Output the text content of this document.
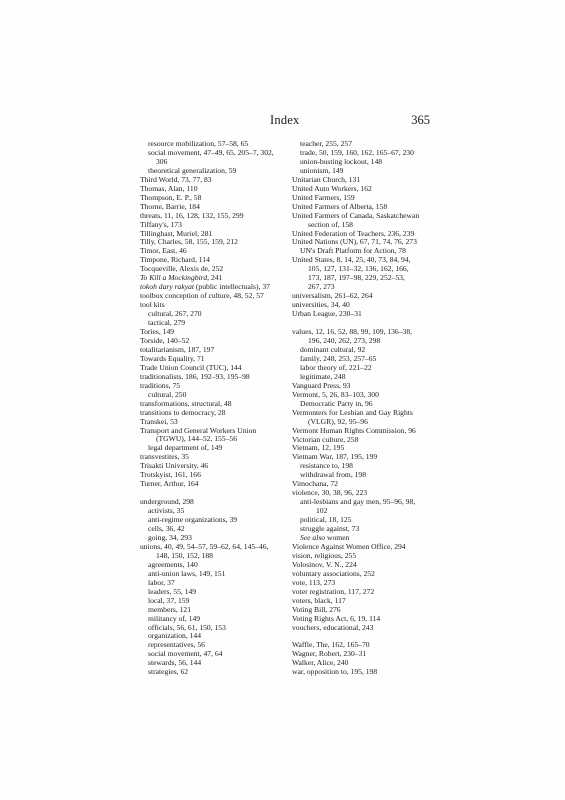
Index	365
resource mobilization, 57–58, 65
social movement, 47–49, 65, 205–7, 302,
306
theoretical generalization, 59
Third World, 73, 77, 83
Thomas, Alan, 110
Thompson, E. P., 58
Thorne, Barrie, 184
threats, 11, 16, 128, 132, 155, 299
Tiffany's, 173
Tillinghast, Muriel, 281
Tilly, Charles, 58, 155, 159, 212
Timor, East, 46
Timpone, Richard, 114
Tocqueville, Alexis de, 252
To Kill a Mockingbird, 241
tokoh dary rakyat (public intellectuals), 37
toolbox conception of culture, 48, 52, 57
tool kits
cultural, 267, 270
tactical, 279
Tories, 149
Torside, 140–52
totalitarianism, 187, 197
Towards Equality, 71
Trade Union Council (TUC), 144
traditionalists, 186, 192–93, 195–98
traditions, 75
cultural, 250
transformations, structural, 48
transitions to democracy, 28
Transkei, 53
Transport and General Workers Union
(TGWU), 144–52, 155–56
legal department of, 149
transvestites, 35
Trisakti University, 46
Trotskyist, 161, 166
Turner, Arthur, 164
underground, 298
activists, 35
anti-regime organizations, 39
cells, 36, 42
going, 34, 293
unions, 40, 49, 54–57, 59–62, 64, 145–46,
148, 150, 152, 188
agreements, 140
anti-union laws, 149, 151
labor, 37
leaders, 55, 149
local, 37, 159
members, 121
militancy of, 149
officials, 56, 61, 150, 153
organization, 144
representatives, 56
social movement, 47, 64
stewards, 56, 144
strategies, 62
teacher, 255, 257
trade, 50, 159, 160, 162, 165–67, 230
union-busting lockout, 148
unionism, 149
Unitarian Church, 131
United Auto Workers, 162
United Farmers, 159
United Farmers of Alberta, 158
United Farmers of Canada, Saskatchewan
section of, 158
United Federation of Teachers, 236, 239
United Nations (UN), 67, 71, 74, 76, 273
UN's Draft Platform for Action, 78
United States, 8, 14, 25, 40, 73, 84, 94,
105, 127, 131–32, 136, 162, 166,
173, 187, 197–98, 229, 252–53,
267, 273
universalism, 261–62, 264
universities, 34, 40
Urban League, 230–31
values, 12, 16, 52, 88, 99, 109, 136–38,
196, 240, 262, 273, 298
dominant cultural, 92
family, 248, 253, 257–65
labor theory of, 221–22
legitimate, 248
Vanguard Press, 93
Vermont, 5, 26, 83–103, 300
Democratic Party in, 96
Vermonters for Lesbian and Gay Rights
(VLGR), 92, 95–96
Vermont Human Rights Commission, 96
Victorian culture, 258
Vietnam, 12, 195
Vietnam War, 187, 195, 199
resistance to, 198
withdrawal from, 198
Vimochana, 72
violence, 30, 38, 96, 223
anti-lesbians and gay men, 95–96, 98,
102
political, 18, 125
struggle against, 73
See also women
Violence Against Women Office, 294
vision, religious, 255
Volosinov, V. N., 224
voluntary associations, 252
vote, 113, 273
voter registration, 117, 272
voters, black, 117
Voting Bill, 276
Voting Rights Act, 6, 19, 114
vouchers, educational, 243
Waffle, The, 162, 165–70
Wagner, Robert, 230–31
Walker, Alice, 240
war, opposition to, 195, 198
